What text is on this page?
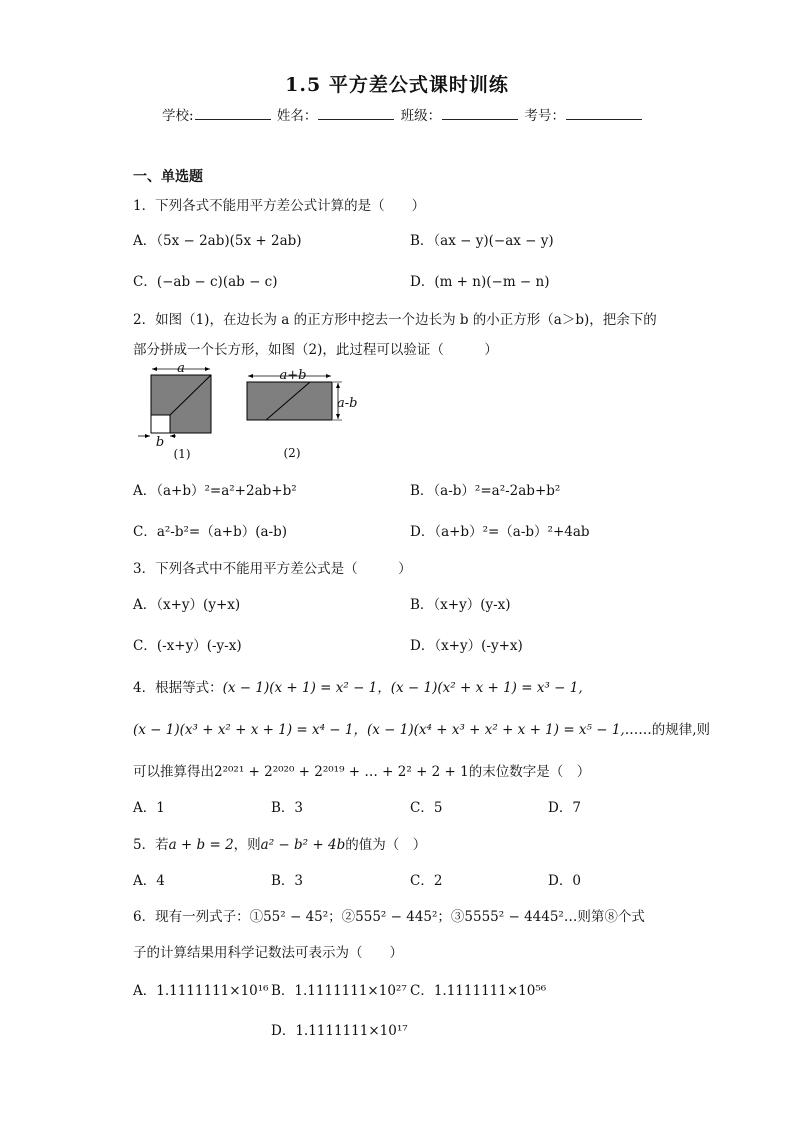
1.5 平方差公式课时训练
学校:	姓名：	班级：	考号：
一、单选题
1．下列各式不能用平方差公式计算的是（　　）
A．（5x − 2ab)(5x + 2ab)	B．（ax − y)(−ax − y)
C．(−ab − c)(ab − c)	D．(m + n)(−m − n)
2．如图（1)，在边长为 a 的正方形中挖去一个边长为 b 的小正方形（a＞b)，把余下的
部分拼成一个长方形，如图（2)，此过程可以验证（　　　）
a
b
(1)
a+b
a-b
(2)
A．（a+b）²=a²+2ab+b²	B．（a-b）²=a²-2ab+b²
C．a²-b²=（a+b）(a-b)	D．（a+b）²=（a-b）²+4ab
3．下列各式中不能用平方差公式是（　　　）
A．（x+y）(y+x)	B．（x+y）(y-x)
C．(-x+y）(-y-x)	D．（x+y）(-y+x)
4．根据等式：(x − 1)(x + 1) = x² − 1，(x − 1)(x² + x + 1) = x³ − 1,
(x − 1)(x³ + x² + x + 1) = x⁴ − 1，(x − 1)(x⁴ + x³ + x² + x + 1) = x⁵ − 1,……的规律,则
可以推算得出2²⁰²¹ + 2²⁰²⁰ + 2²⁰¹⁹ + … + 2² + 2 + 1的末位数字是（　）
A．1	B．3	C．5	D．7
5．若a + b = 2，则a² − b² + 4b的值为（　）
A．4	B．3	C．2	D．0
6．现有一列式子：①55² − 45²；②555² − 445²；③5555² − 4445²…则第⑧个式
子的计算结果用科学记数法可表示为（　　）
A．1.1111111×10¹⁶ B．1.1111111×10²⁷ C．1.1111111×10⁵⁶
D．1.1111111×10¹⁷
